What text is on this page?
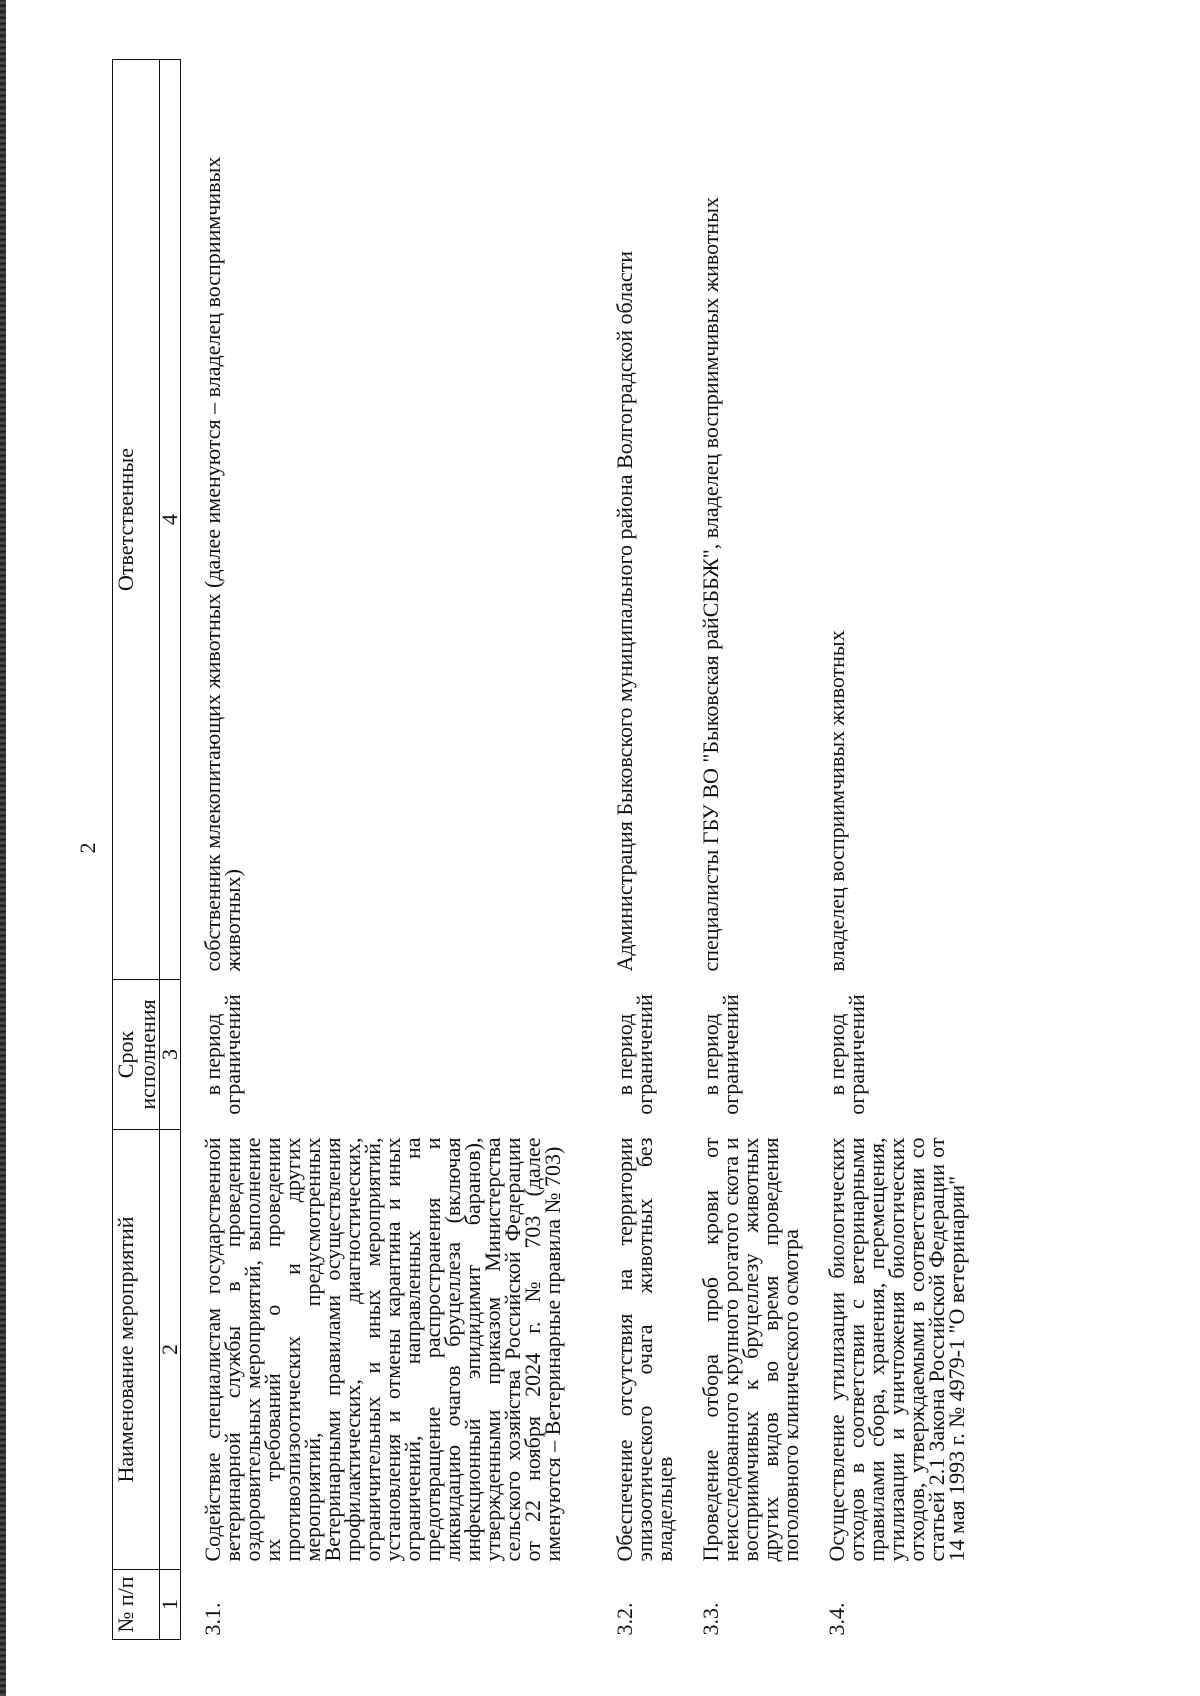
2
№ п/п	Наименование мероприятий	Срок исполнения	Ответственные
1	2	3	4
3.1.	Содействие специалистам государственной ветеринарной службы в проведении оздоровительных мероприятий, выполнение их требований о проведении противоэпизоотических и других мероприятий, предусмотренных Ветеринарными правилами осуществления профилактических, диагностических, ограничительных и иных мероприятий, установления и отмены карантина и иных ограничений, направленных на предотвращение распространения и ликвидацию очагов бруцеллеза (включая инфекционный эпидидимит баранов), утвержденными приказом Министерства сельского хозяйства Российской Федерации от 22 ноября 2024 г. № 703 (далее именуются – Ветеринарные правила № 703)	в период ограничений	собственник млекопитающих животных (далее именуются – владелец восприимчивых животных)
3.2.	Обеспечение отсутствия на территории эпизоотического очага животных без владельцев	в период ограничений	Администрация Быковского муниципального района Волгоградской области
3.3.	Проведение отбора проб крови от неисследованного крупного рогатого скота и восприимчивых к бруцеллезу животных других видов во время проведения поголовного клинического осмотра	в период ограничений	специалисты ГБУ ВО "Быковская райСББЖ", владелец восприимчивых животных
3.4.	Осуществление утилизации биологических отходов в соответствии с ветеринарными правилами сбора, хранения, перемещения, утилизации и уничтожения биологических отходов, утверждаемыми в соответствии со статьей 2.1 Закона Российской Федерации от 14 мая 1993 г. № 4979-1 "О ветеринарии"	в период ограничений	владелец восприимчивых животных
